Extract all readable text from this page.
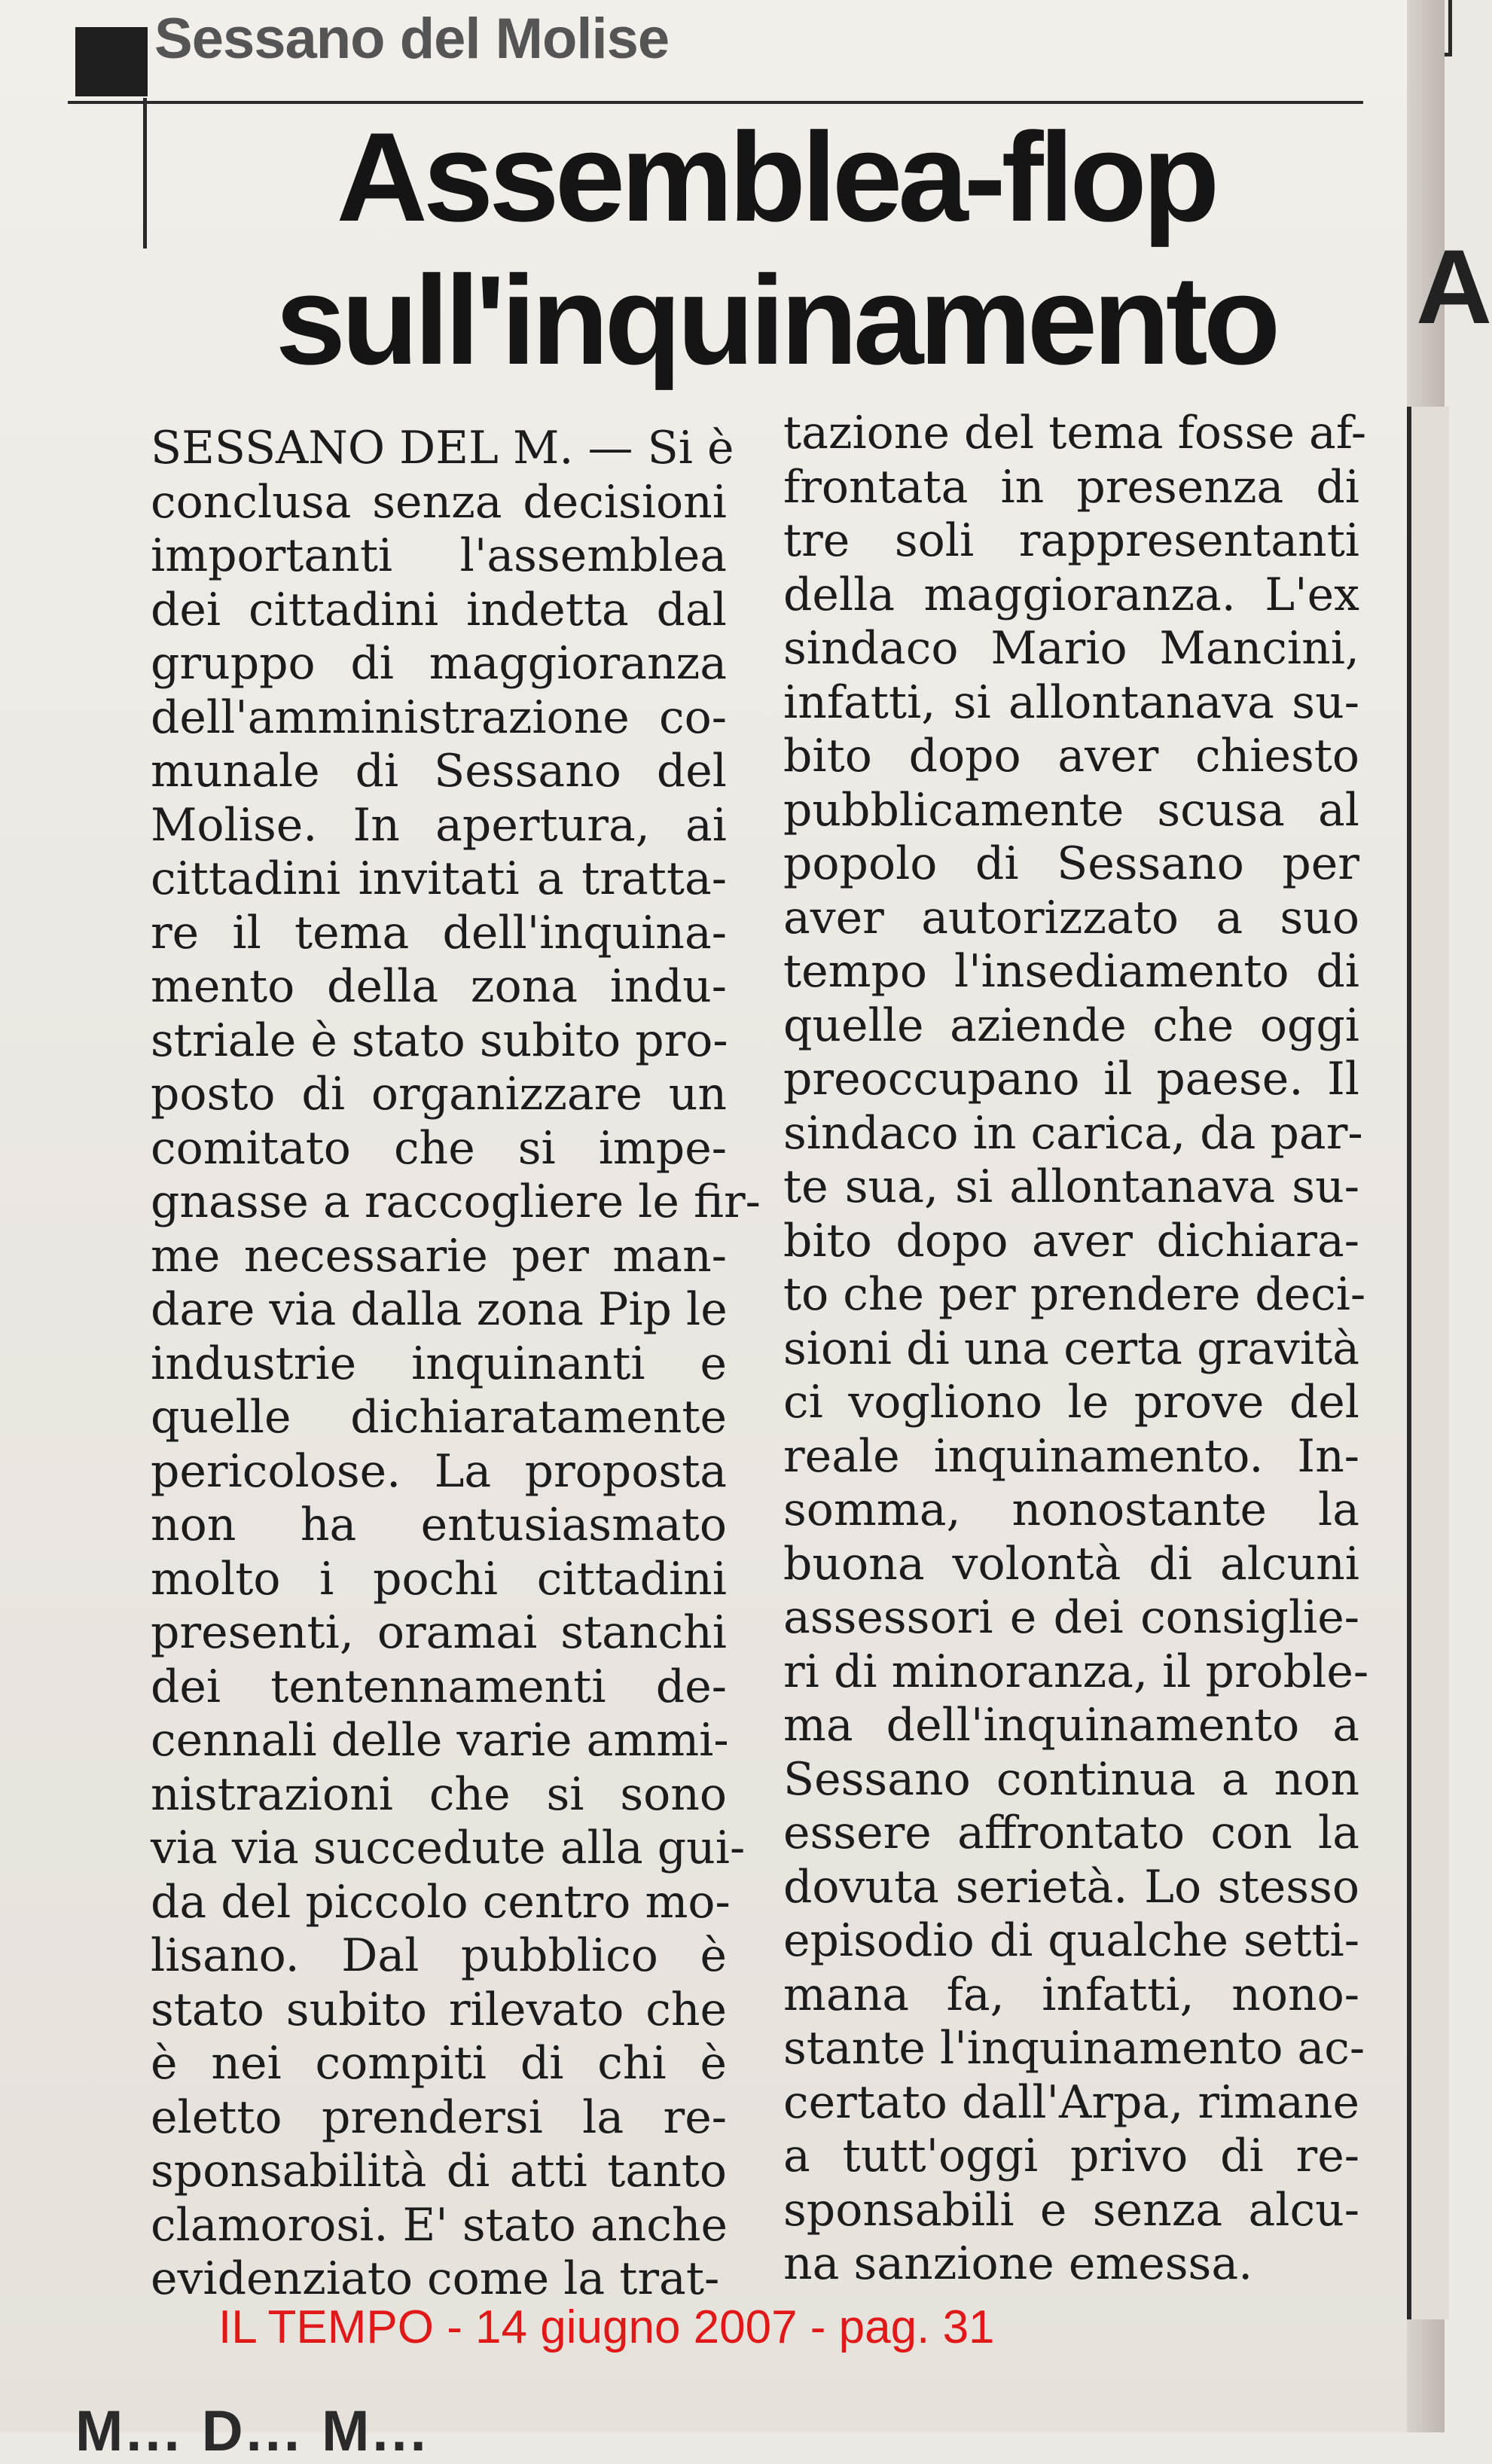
Sessano del Molise
Assemblea-flop
sull'inquinamento A
SESSANO DEL M. — Si è
conclusa senza decisioni
importanti l'assemblea
dei cittadini indetta dal
gruppo di maggioranza
dell'amministrazione co-
munale di Sessano del
Molise. In apertura, ai
cittadini invitati a tratta-
re il tema dell'inquina-
mento della zona indu-
striale è stato subito pro-
posto di organizzare un
comitato che si impe-
gnasse a raccogliere le fir-
me necessarie per man-
dare via dalla zona Pip le
industrie inquinanti e
quelle dichiaratamente
pericolose. La proposta
non ha entusiasmato
molto i pochi cittadini
presenti, oramai stanchi
dei tentennamenti de-
cennali delle varie ammi-
nistrazioni che si sono
via via succedute alla gui-
da del piccolo centro mo-
lisano. Dal pubblico è
stato subito rilevato che
è nei compiti di chi è
eletto prendersi la re-
sponsabilità di atti tanto
clamorosi. E' stato anche
evidenziato come la trat-
tazione del tema fosse af-
frontata in presenza di
tre soli rappresentanti
della maggioranza. L'ex
sindaco Mario Mancini,
infatti, si allontanava su-
bito dopo aver chiesto
pubblicamente scusa al
popolo di Sessano per
aver autorizzato a suo
tempo l'insediamento di
quelle aziende che oggi
preoccupano il paese. Il
sindaco in carica, da par-
te sua, si allontanava su-
bito dopo aver dichiara-
to che per prendere deci-
sioni di una certa gravità
ci vogliono le prove del
reale inquinamento. In-
somma, nonostante la
buona volontà di alcuni
assessori e dei consiglie-
ri di minoranza, il proble-
ma dell'inquinamento a
Sessano continua a non
essere affrontato con la
dovuta serietà. Lo stesso
episodio di qualche setti-
mana fa, infatti, nono-
stante l'inquinamento ac-
certato dall'Arpa, rimane
a tutt'oggi privo di re-
sponsabili e senza alcu-
na sanzione emessa.
IL TEMPO - 14 giugno 2007 - pag. 31
M... D... M...
